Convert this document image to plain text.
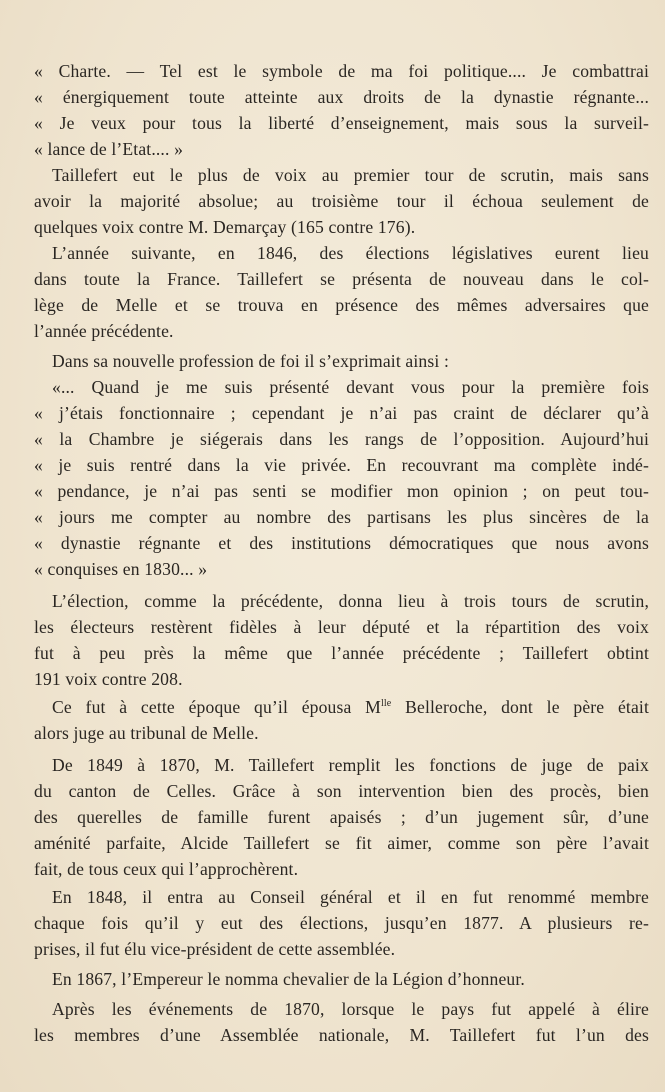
« Charte. — Tel est le symbole de ma foi politique.... Je combattrai
« énergiquement toute atteinte aux droits de la dynastie régnante...
« Je veux pour tous la liberté d’enseignement, mais sous la surveil-
« lance de l’Etat.... »
Taillefert eut le plus de voix au premier tour de scrutin, mais sans
avoir la majorité absolue; au troisième tour il échoua seulement de
quelques voix contre M. Demarçay (165 contre 176).
L’année suivante, en 1846, des élections législatives eurent lieu
dans toute la France. Taillefert se présenta de nouveau dans le col-
lège de Melle et se trouva en présence des mêmes adversaires que
l’année précédente.
Dans sa nouvelle profession de foi il s’exprimait ainsi :
«... Quand je me suis présenté devant vous pour la première fois
« j’étais fonctionnaire ; cependant je n’ai pas craint de déclarer qu’à
« la Chambre je siégerais dans les rangs de l’opposition. Aujourd’hui
« je suis rentré dans la vie privée. En recouvrant ma complète indé-
« pendance, je n’ai pas senti se modifier mon opinion ; on peut tou-
« jours me compter au nombre des partisans les plus sincères de la
« dynastie régnante et des institutions démocratiques que nous avons
« conquises en 1830... »
L’élection, comme la précédente, donna lieu à trois tours de scrutin,
les électeurs restèrent fidèles à leur député et la répartition des voix
fut à peu près la même que l’année précédente ; Taillefert obtint
191 voix contre 208.
Ce fut à cette époque qu’il épousa $M^{lle}$ Belleroche, dont le père était
alors juge au tribunal de Melle.
De 1849 à 1870, M. Taillefert remplit les fonctions de juge de paix
du canton de Celles. Grâce à son intervention bien des procès, bien
des querelles de famille furent apaisés ; d’un jugement sûr, d’une
aménité parfaite, Alcide Taillefert se fit aimer, comme son père l’avait
fait, de tous ceux qui l’approchèrent.
En 1848, il entra au Conseil général et il en fut renommé membre
chaque fois qu’il y eut des élections, jusqu’en 1877. A plusieurs re-
prises, il fut élu vice-président de cette assemblée.
En 1867, l’Empereur le nomma chevalier de la Légion d’honneur.
Après les événements de 1870, lorsque le pays fut appelé à élire
les membres d’une Assemblée nationale, M. Taillefert fut l’un des
